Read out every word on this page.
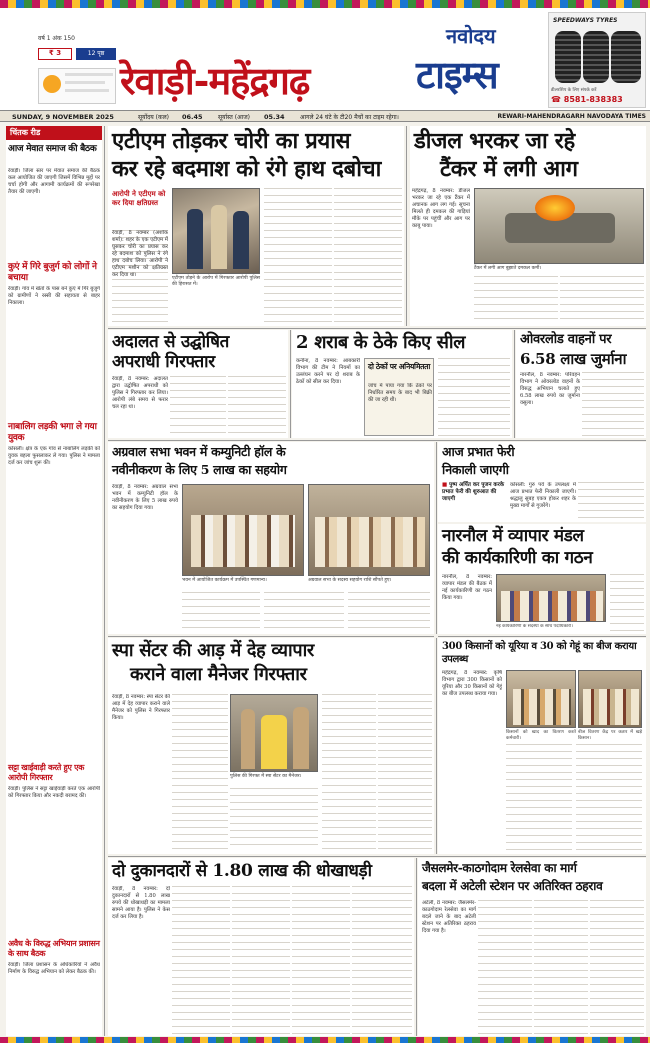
वर्ष 1 अंक 150
₹ 3	12 पृष्ठ
रेवाड़ी-महेंद्रगढ़
नवोदय
टाइम्स
SPEEDWAYS TYRES
डीलरशिप के लिए संपर्क करें
☎ 8581-838383
SUNDAY, 9 NOVEMBER 2025	सूर्योदय (कल)	06.45	सूर्यास्त (आज)	05.34	आगले 24 घंटे के टी20 मैचों का टाइम रहेगा।	REWARI-MAHENDRAGARH NAVODAYA TIMES
चिंतक रीड
आज मेवात समाज की बैठक
रेवाड़ी। जिला स्तर पर मेवात समाज की बैठक कल आयोजित की जाएगी जिसमें विभिन्न मुद्दों पर चर्चा होगी और आगामी कार्यक्रमों की रूपरेखा तैयार की जाएगी।
कुएं में गिरे बुजुर्ग को लोगों ने बचाया
रेवाड़ी। गांव में खेतों के पास बने कुएं में गिरे बुजुर्ग को ग्रामीणों ने रस्सी की सहायता से बाहर निकाला।
नाबालिग लड़की भगा ले गया युवक
कोसली। क्षेत्र के एक गांव से नाबालिग लड़की को युवक बहला फुसलाकर ले गया। पुलिस ने मामला दर्ज कर जांच शुरू की।
सट्टा खाईवाड़ी करते हुए एक आरोपी गिरफ्तार
रेवाड़ी। पुलिस ने सट्टा खाईवाड़ी करते एक आरोपी को गिरफ्तार किया और नकदी बरामद की।
अवैध के विरुद्ध अभियान प्रशासन के साथ बैठक
रेवाड़ी। जिला प्रशासन के अधिकारियों ने अवैध निर्माण के विरुद्ध अभियान को लेकर बैठक की।
एटीएम तोड़कर चोरी का प्रयास
कर रहे बदमाश को रंगे हाथ दबोचा
आरोपी ने एटीएम को कर दिया क्षतिग्रस्त
रेवाड़ी, 8 नवम्बर (अशोक शर्मा): शहर के एक एटीएम में घुसकर चोरी का प्रयास कर रहे बदमाश को पुलिस ने रंगे हाथ दबोच लिया। आरोपी ने एटीएम मशीन को क्षतिग्रस्त कर दिया था।
एटीएम तोड़ने के आरोप में गिरफ्तार आरोपी पुलिस की हिरासत में।
डीजल भरकर जा रहे
टैंकर में लगी आग
महेंद्रगढ़, 8 नवम्बर: डीजल भरकर जा रहे एक टैंकर में अचानक आग लग गई। सूचना मिलते ही दमकल की गाड़ियां मौके पर पहुंचीं और आग पर काबू पाया।
टैंकर में लगी आग बुझाते दमकल कर्मी।
अदालत से उद्घोषित
अपराधी गिरफ्तार
रेवाड़ी, 8 नवम्बर: अदालत द्वारा उद्घोषित अपराधी को पुलिस ने गिरफ्तार कर लिया। आरोपी लंबे समय से फरार चल रहा था।
2 शराब के ठेके किए सील
कनीना, 8 नवम्बर: आबकारी विभाग की टीम ने नियमों का उल्लंघन करने पर दो शराब के ठेकों को सील कर दिया।
दो ठेकों पर अनियमितता
जांच में पाया गया कि ठेकों पर निर्धारित समय के बाद भी बिक्री की जा रही थी।
ओवरलोड वाहनों पर
6.58 लाख जुर्माना
नारनौल, 8 नवम्बर: परिवहन विभाग ने ओवरलोड वाहनों के विरुद्ध अभियान चलाते हुए 6.58 लाख रुपये का जुर्माना वसूला।
अग्रवाल सभा भवन में कम्युनिटी हॉल के
नवीनीकरण के लिए 5 लाख का सहयोग
रेवाड़ी, 8 नवम्बर: अग्रवाल सभा भवन में कम्युनिटी हॉल के नवीनीकरण के लिए 5 लाख रुपये का सहयोग दिया गया।
भवन में आयोजित कार्यक्रम में उपस्थित गणमान्य।	अग्रवाल सभा के सदस्य सहयोग राशि सौंपते हुए।
आज प्रभात फेरी
निकाली जाएगी
■ पुष्प अर्पित कर पूजन करके प्रभात फेरी की शुरुआत की जाएगी
कोसली: गुरु पर्व के उपलक्ष्य में आज प्रभात फेरी निकाली जाएगी। श्रद्धालु सुबह एकत्र होकर शहर के मुख्य मार्गों से गुजरेंगे।
नारनौल में व्यापार मंडल
की कार्यकारिणी का गठन
नारनौल, 8 नवम्बर: व्यापार मंडल की बैठक में नई कार्यकारिणी का गठन किया गया।
नई कार्यकारिणी के सदस्यों के साथ पदाधिकारी।
स्पा सेंटर की आड़ में देह व्यापार
कराने वाला मैनेजर गिरफ्तार
रेवाड़ी, 8 नवम्बर: स्पा सेंटर की आड़ में देह व्यापार कराने वाले मैनेजर को पुलिस ने गिरफ्तार किया।
पुलिस की गिरफ्त में स्पा सेंटर का मैनेजर।
300 किसानों को यूरिया व 30 को गेहूं का बीज कराया उपलब्ध
महेंद्रगढ़, 8 नवम्बर: कृषि विभाग द्वारा 300 किसानों को यूरिया और 30 किसानों को गेहूं का बीज उपलब्ध कराया गया।
किसानों को खाद का वितरण करते कर्मचारी।
बीज वितरण केंद्र पर कतार में खड़े किसान।
दो दुकानदारों से 1.80 लाख की धोखाधड़ी
रेवाड़ी, 8 नवम्बर: दो दुकानदारों से 1.80 लाख रुपये की धोखाधड़ी का मामला सामने आया है। पुलिस ने केस दर्ज कर लिया है।
जैसलमेर-काठगोदाम रेलसेवा का मार्ग
बदला में अटेली स्टेशन पर अतिरिक्त ठहराव
अटेली, 8 नवम्बर: जैसलमेर-काठगोदाम रेलसेवा का मार्ग बदले जाने के बाद अटेली स्टेशन पर अतिरिक्त ठहराव दिया गया है।
